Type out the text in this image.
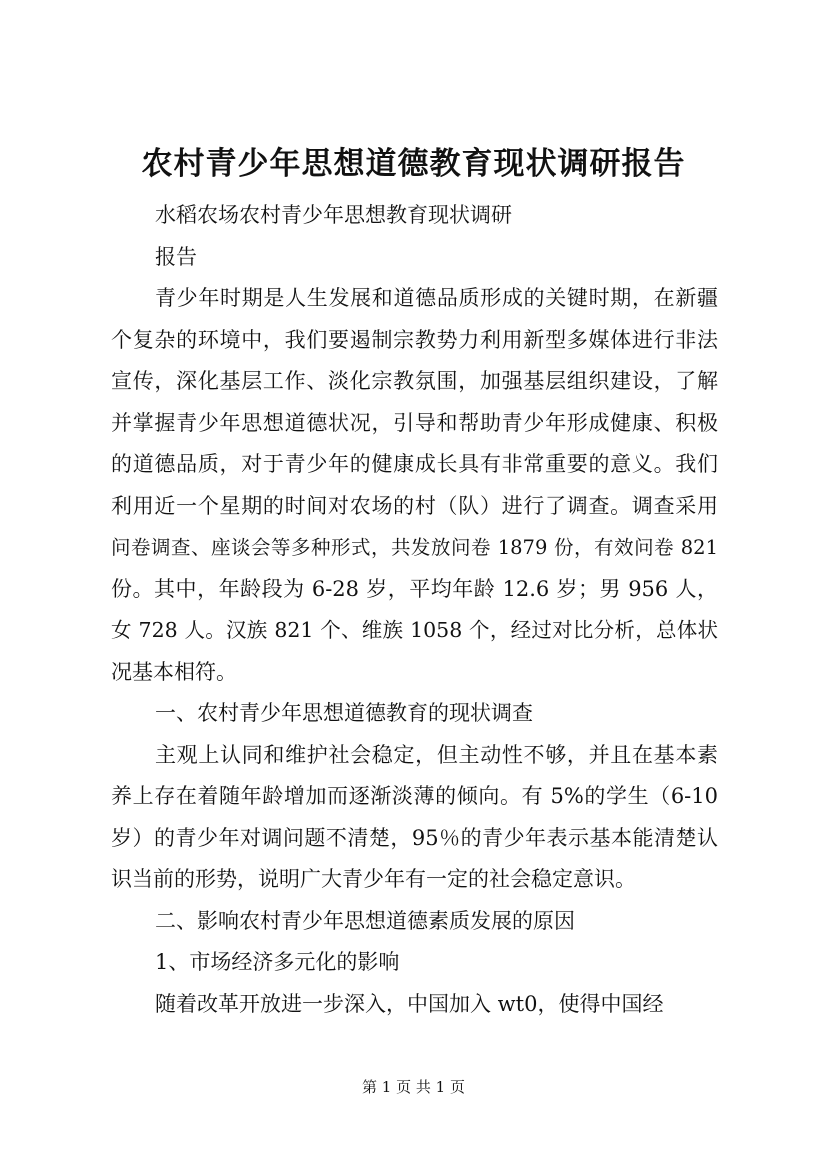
农村青少年思想道德教育现状调研报告
水稻农场农村青少年思想教育现状调研
报告
青少年时期是人生发展和道德品质形成的关键时期，在新疆
个复杂的环境中，我们要遏制宗教势力利用新型多媒体进行非法
宣传，深化基层工作、淡化宗教氛围，加强基层组织建设，了解
并掌握青少年思想道德状况，引导和帮助青少年形成健康、积极
的道德品质，对于青少年的健康成长具有非常重要的意义。我们
利用近一个星期的时间对农场的村（队）进行了调查。调查采用
问卷调查、座谈会等多种形式，共发放问卷 1879 份，有效问卷 821
份。其中，年龄段为 6-28 岁，平均年龄 12.6 岁；男 956 人，
女 728 人。汉族 821 个、维族 1058 个，经过对比分析，总体状
况基本相符。
一、农村青少年思想道德教育的现状调查
主观上认同和维护社会稳定，但主动性不够，并且在基本素
养上存在着随年龄增加而逐渐淡薄的倾向。有 5%的学生（6-10
岁）的青少年对调问题不清楚，95％的青少年表示基本能清楚认
识当前的形势，说明广大青少年有一定的社会稳定意识。
二、影响农村青少年思想道德素质发展的原因
1、市场经济多元化的影响
随着改革开放进一步深入，中国加入 wt0，使得中国经
第 1 页 共 1 页
